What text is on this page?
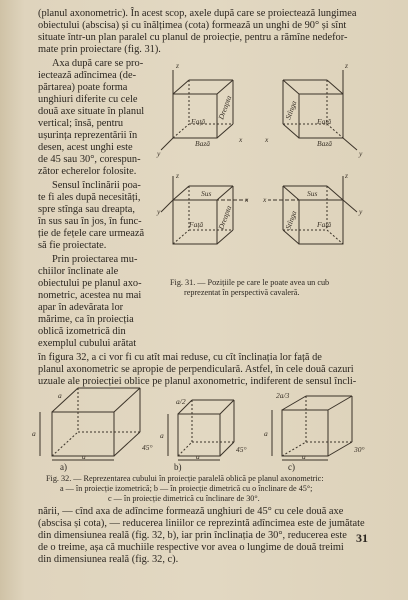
(planul axonometric). În acest scop, axele după care se proiectează lungimea
obiectului (abscisa) și cu înălțimea (cota) formează un unghi de 90° și sînt
situate într-un plan paralel cu planul de proiecție, pentru a rămîne nedefor-
mate prin proiectare (fig. 31).
Axa după care se pro-
iectează adîncimea (de-
părtarea) poate forma
unghiuri diferite cu cele
două axe situate în planul
vertical; însă, pentru
ușurința reprezentării în
desen, acest unghi este
de 45 sau 30°, corespun-
zător echerelor folosite.
Sensul înclinării poa-
te fi ales după necesități,
spre stînga sau dreapta,
în sus sau în jos, în func-
ție de fețele care urmează
să fie proiectate.
Prin proiectarea mu-
chiilor înclinate ale
obiectului pe planul axo-
nometric, acestea nu mai
apar în adevărata lor
mărime, ca în proiecția
oblică izometrică din
exemplul cubului arătat
Față
Dreapta
Bază
Față
Stînga
Bază
Sus
Față Dreapta
Sus
Față
Stînga
z
y
x
z
y
x
y
x
z
y
x
z
Fig. 31. — Pozițiile pe care le poate avea un cub
reprezentat în perspectivă cavaleră.
în figura 32, a ci vor fi cu atît mai reduse, cu cît înclinația lor față de
planul axonometric se apropie de perpendiculară. Astfel, în cele două cazuri
uzuale ale proiecției oblice pe planul axonometric, indiferent de sensul încli-
a
a
a
45°
a/2
a
a
45°
2a/3
a
a
30°
a)	b)	c)
Fig. 32. — Reprezentarea cubului în proiecție paralelă oblică pe planul axonometric:
a — în proiecție izometrică; b — în proiecție dimetrică cu o înclinare de 45°;
c — în proiecție dimetrică cu înclinare de 30°.
nării, — cînd axa de adîncime formează unghiuri de 45° cu cele două axe
(abscisa și cota), — reducerea liniilor ce reprezintă adîncimea este de jumătate
din dimensiunea reală (fig. 32, b), iar prin înclinația de 30°, reducerea este
de o treime, așa că muchiile respective vor avea o lungime de două treimi
din dimensiunea reală (fig. 32, c).
31
